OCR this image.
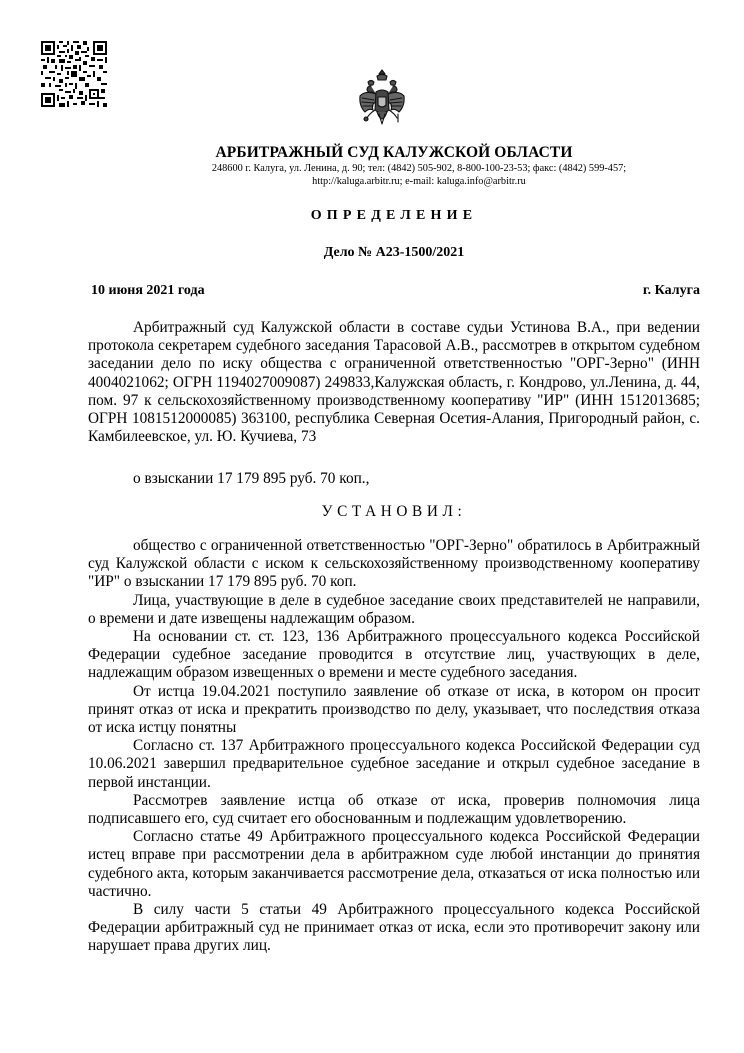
АРБИТРАЖНЫЙ СУД КАЛУЖСКОЙ ОБЛАСТИ
248600 г. Калуга, ул. Ленина, д. 90; тел: (4842) 505-902, 8-800-100-23-53; факс: (4842) 599-457;
http://kaluga.arbitr.ru; e-mail: kaluga.info@arbitr.ru
ОПРЕДЕЛЕНИЕ
Дело № А23-1500/2021
10 июня 2021 года	г. Калуга

Арбитражный суд Калужской области в составе судьи Устинова В.А., при ведении протокола секретарем судебного заседания Тарасовой А.В., рассмотрев в открытом судебном заседании дело по иску общества с ограниченной ответственностью "ОРГ-Зерно" (ИНН 4004021062; ОГРН 1194027009087) 249833,Калужская область, г. Кондрово, ул.Ленина, д. 44, пом. 97 к сельскохозяйственному производственному кооперативу "ИР" (ИНН 1512013685; ОГРН 1081512000085) 363100, республика Северная Осетия-Алания, Пригородный район, с. Камбилеевское, ул. Ю. Кучиева, 73

о взыскании 17 179 895 руб. 70 коп.,
УСТАНОВИЛ:

общество с ограниченной ответственностью "ОРГ-Зерно" обратилось в Арбитражный суд Калужской области с иском к сельскохозяйственному производственному кооперативу "ИР" о взыскании 17 179 895 руб. 70 коп.

Лица, участвующие в деле в судебное заседание своих представителей не направили, о времени и дате извещены надлежащим образом.

На основании ст. ст. 123, 136 Арбитражного процессуального кодекса Российской Федерации судебное заседание проводится в отсутствие лиц, участвующих в деле, надлежащим образом извещенных о времени и месте судебного заседания.

От истца 19.04.2021 поступило заявление об отказе от иска, в котором он просит принят отказ от иска и прекратить производство по делу, указывает, что последствия отказа от иска истцу понятны

Согласно ст. 137 Арбитражного процессуального кодекса Российской Федерации суд 10.06.2021 завершил предварительное судебное заседание и открыл судебное заседание в первой инстанции.

Рассмотрев заявление истца об отказе от иска, проверив полномочия лица подписавшего его, суд считает его обоснованным и подлежащим удовлетворению.

Согласно статье 49 Арбитражного процессуального кодекса Российской Федерации истец вправе при рассмотрении дела в арбитражном суде любой инстанции до принятия судебного акта, которым заканчивается рассмотрение дела, отказаться от иска полностью или частично.

В силу части 5 статьи 49 Арбитражного процессуального кодекса Российской Федерации арбитражный суд не принимает отказ от иска, если это противоречит закону или нарушает права других лиц.
